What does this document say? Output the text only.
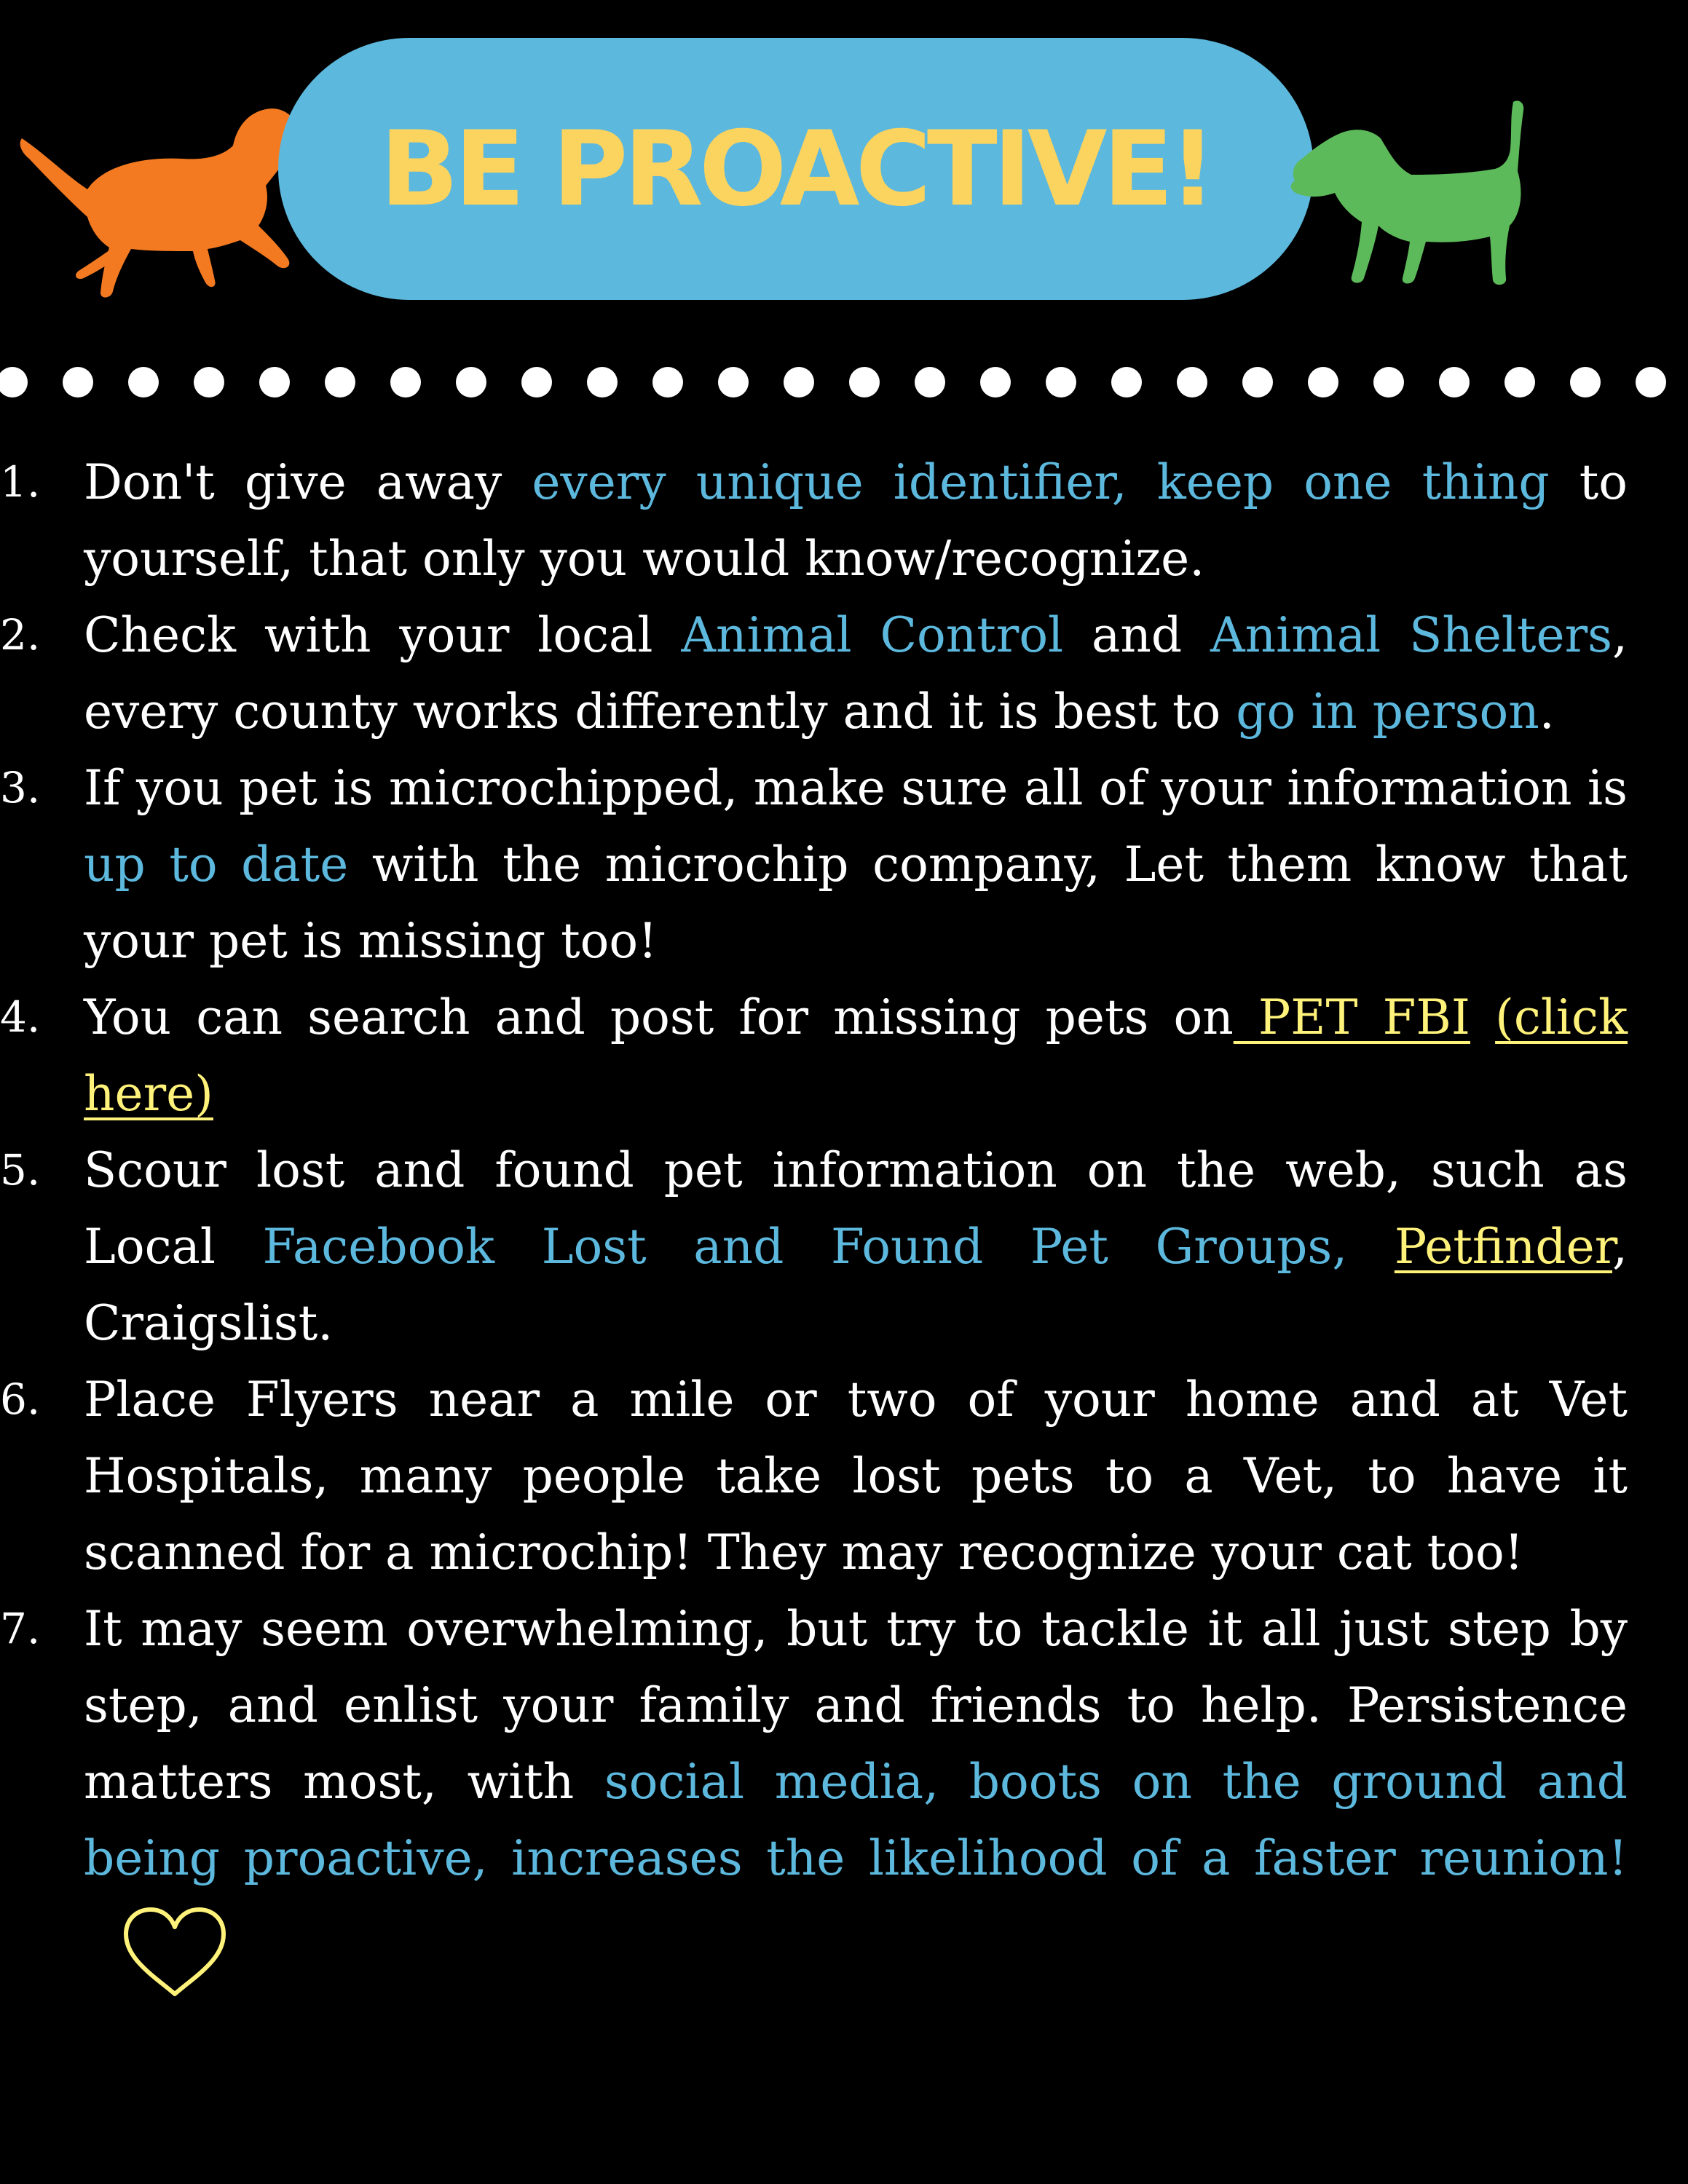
BE PROACTIVE!
1. Don't give away every unique identifier, keep one thing to yourself, that only you would know/recognize.
2. Check with your local Animal Control and Animal Shelters, every county works differently and it is best to go in person.
3. If you pet is microchipped, make sure all of your information is up to date with the microchip company, Let them know that your pet is missing too!
4. You can search and post for missing pets on PET FBI (click here)
5. Scour lost and found pet information on the web, such as Local Facebook Lost and Found Pet Groups, Petfinder, Craigslist.
6. Place Flyers near a mile or two of your home and at Vet Hospitals, many people take lost pets to a Vet, to have it scanned for a microchip! They may recognize your cat too!
7. It may seem overwhelming, but try to tackle it all just step by step, and enlist your family and friends to help. Persistence matters most, with social media, boots on the ground and being proactive, increases the likelihood of a faster reunion!
